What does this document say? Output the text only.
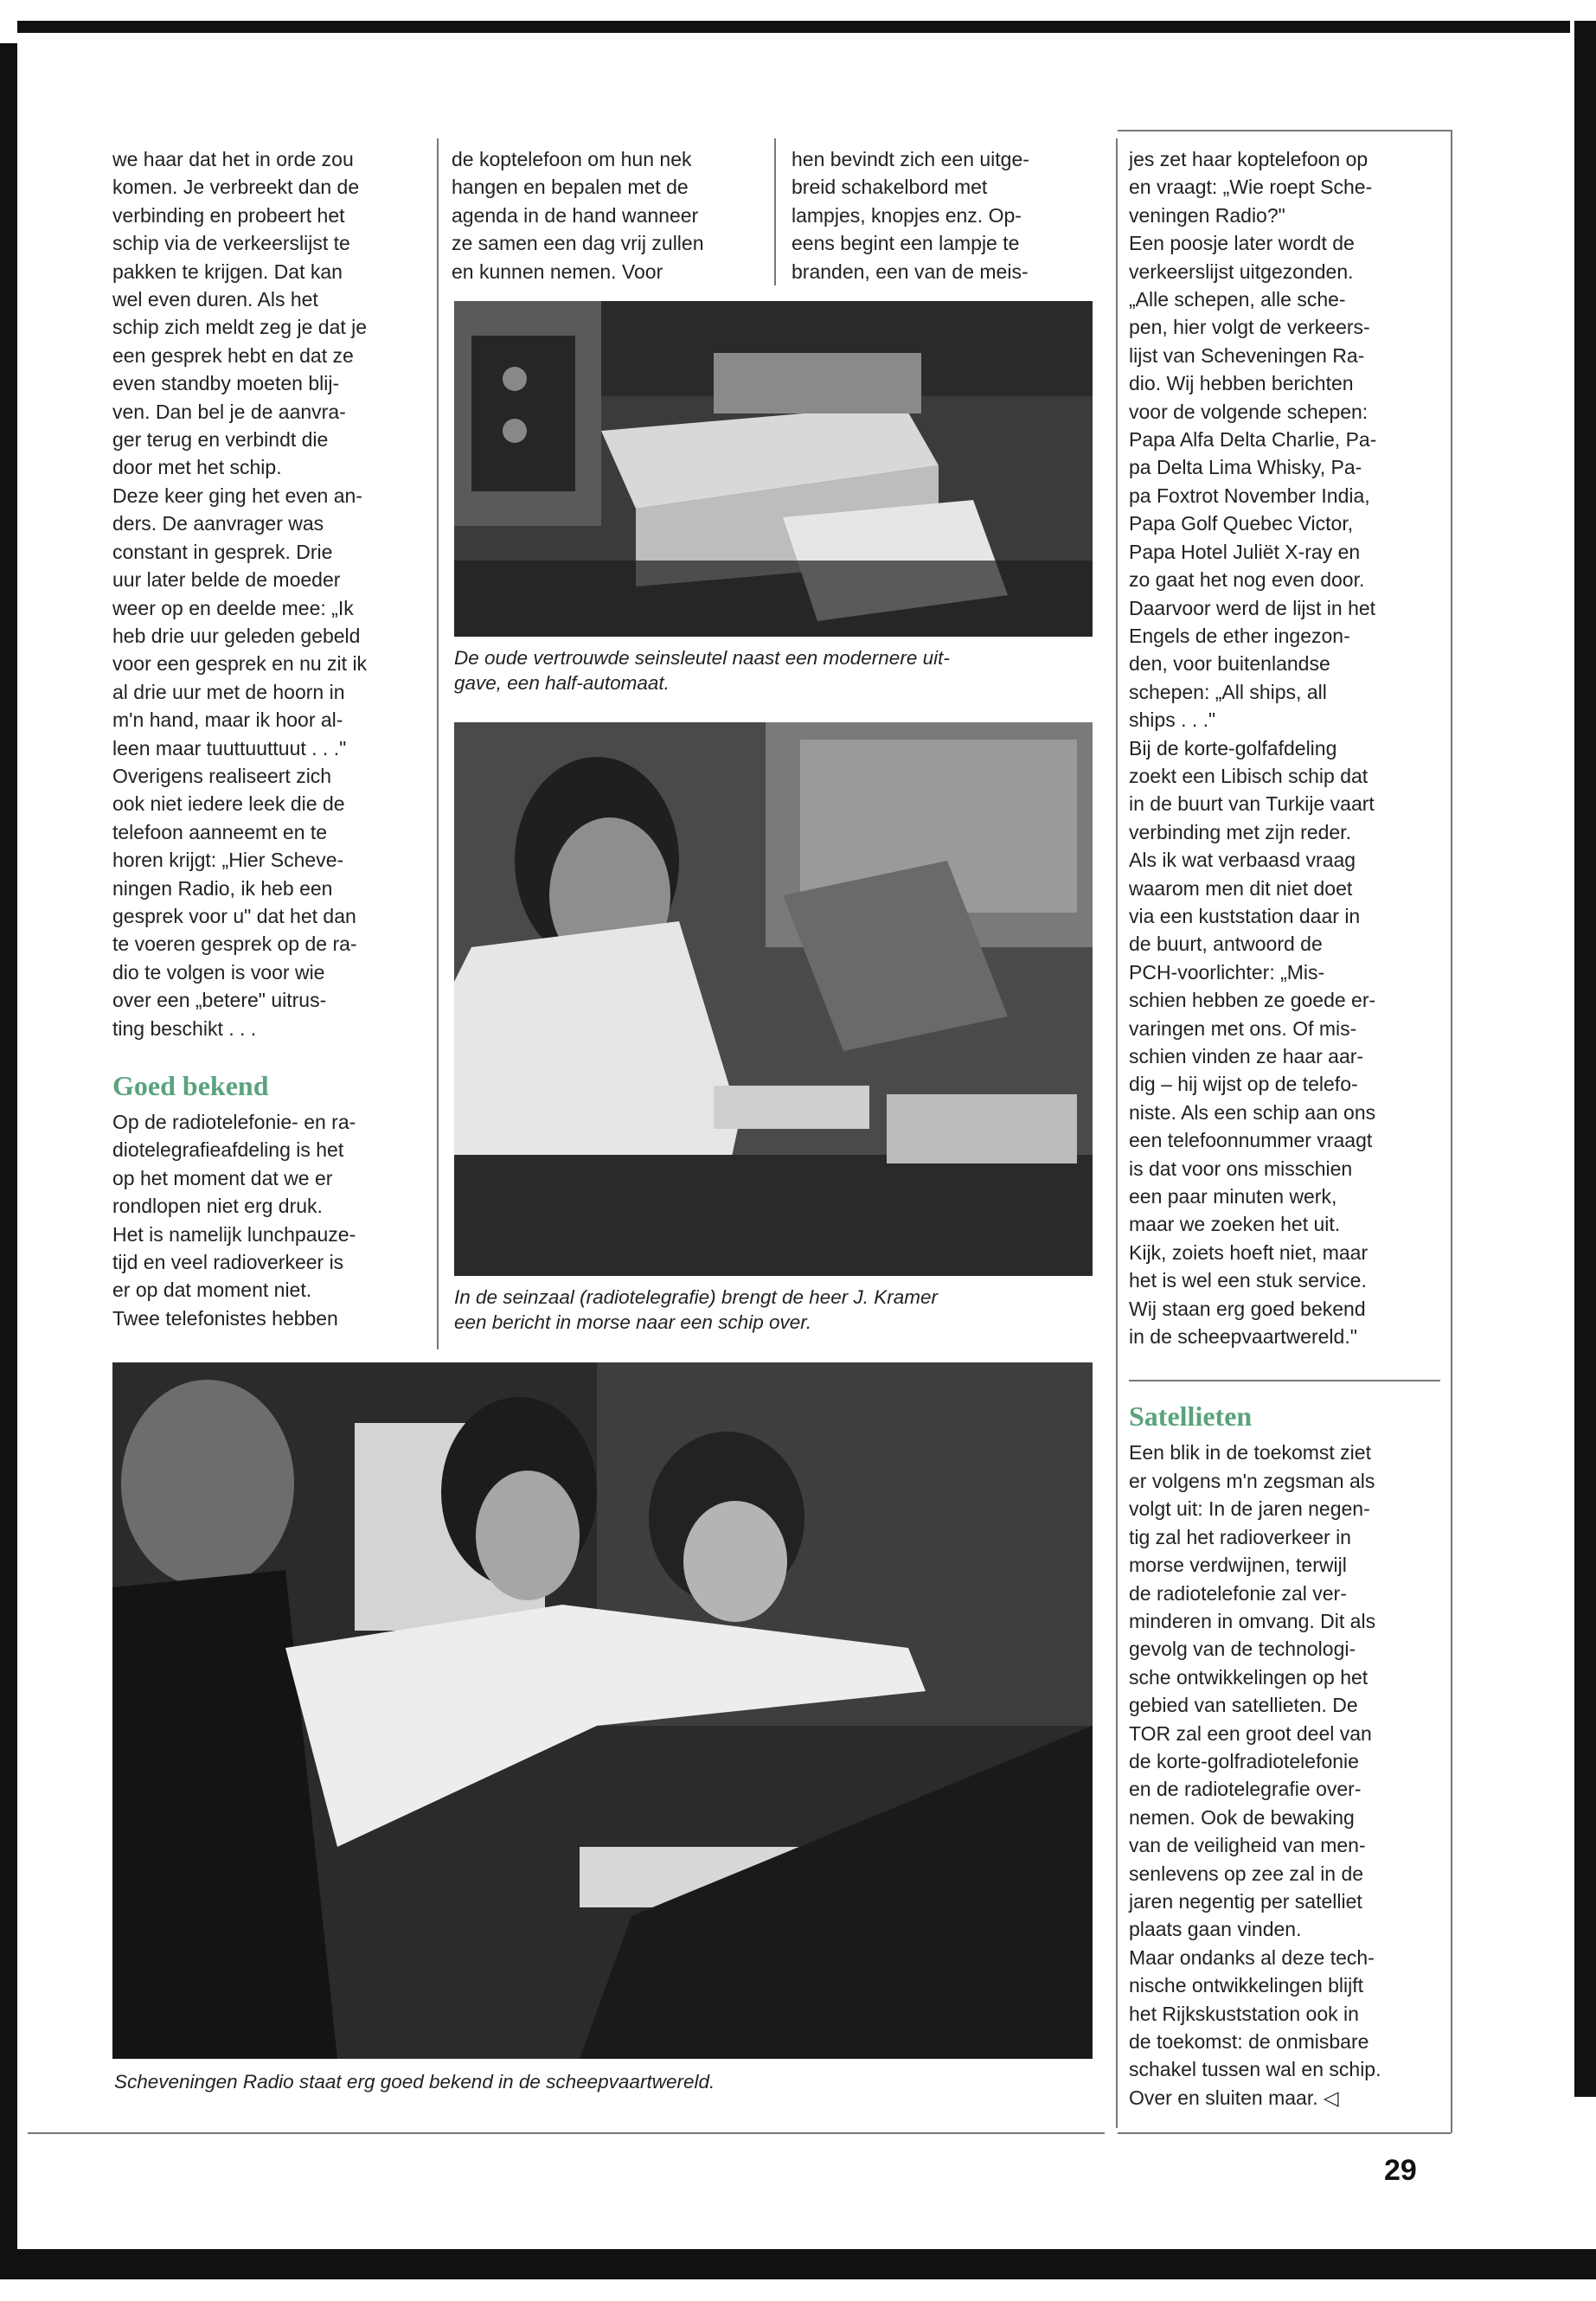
we haar dat het in orde zou
komen. Je verbreekt dan de
verbinding en probeert het
schip via de verkeerslijst te
pakken te krijgen. Dat kan
wel even duren. Als het
schip zich meldt zeg je dat je
een gesprek hebt en dat ze
even standby moeten blij-
ven. Dan bel je de aanvra-
ger terug en verbindt die
door met het schip.
Deze keer ging het even an-
ders. De aanvrager was
constant in gesprek. Drie
uur later belde de moeder
weer op en deelde mee: „Ik
heb drie uur geleden gebeld
voor een gesprek en nu zit ik
al drie uur met de hoorn in
m'n hand, maar ik hoor al-
leen maar tuuttuuttuut . . ."
Overigens realiseert zich
ook niet iedere leek die de
telefoon aanneemt en te
horen krijgt: „Hier Scheve-
ningen Radio, ik heb een
gesprek voor u" dat het dan
te voeren gesprek op de ra-
dio te volgen is voor wie
over een „betere" uitrus-
ting beschikt . . .

Goed bekend

Op de radiotelefonie- en ra-
diotelegrafieafdeling is het
op het moment dat we er
rondlopen niet erg druk.
Het is namelijk lunchpauze-
tijd en veel radioverkeer is
er op dat moment niet.
Twee telefonistes hebben

de koptelefoon om hun nek
hangen en bepalen met de
agenda in de hand wanneer
ze samen een dag vrij zullen
en kunnen nemen. Voor

hen bevindt zich een uitge-
breid schakelbord met
lampjes, knopjes enz. Op-
eens begint een lampje te
branden, een van de meis-

De oude vertrouwde seinsleutel naast een modernere uit-
gave, een half-automaat.

In de seinzaal (radiotelegrafie) brengt de heer J. Kramer
een bericht in morse naar een schip over.

Scheveningen Radio staat erg goed bekend in de scheepvaartwereld.

jes zet haar koptelefoon op
en vraagt: „Wie roept Sche-
veningen Radio?"
Een poosje later wordt de
verkeerslijst uitgezonden.
„Alle schepen, alle sche-
pen, hier volgt de verkeers-
lijst van Scheveningen Ra-
dio. Wij hebben berichten
voor de volgende schepen:
Papa Alfa Delta Charlie, Pa-
pa Delta Lima Whisky, Pa-
pa Foxtrot November India,
Papa Golf Quebec Victor,
Papa Hotel Juliët X-ray en
zo gaat het nog even door.
Daarvoor werd de lijst in het
Engels de ether ingezon-
den, voor buitenlandse
schepen: „All ships, all
ships . . ."
Bij de korte-golfafdeling
zoekt een Libisch schip dat
in de buurt van Turkije vaart
verbinding met zijn reder.
Als ik wat verbaasd vraag
waarom men dit niet doet
via een kuststation daar in
de buurt, antwoord de
PCH-voorlichter: „Mis-
schien hebben ze goede er-
varingen met ons. Of mis-
schien vinden ze haar aar-
dig – hij wijst op de telefo-
niste. Als een schip aan ons
een telefoonnummer vraagt
is dat voor ons misschien
een paar minuten werk,
maar we zoeken het uit.
Kijk, zoiets hoeft niet, maar
het is wel een stuk service.
Wij staan erg goed bekend
in de scheepvaartwereld."

Satellieten

Een blik in de toekomst ziet
er volgens m'n zegsman als
volgt uit: In de jaren negen-
tig zal het radioverkeer in
morse verdwijnen, terwijl
de radiotelefonie zal ver-
minderen in omvang. Dit als
gevolg van de technologi-
sche ontwikkelingen op het
gebied van satellieten. De
TOR zal een groot deel van
de korte-golfradiotelefonie
en de radiotelegrafie over-
nemen. Ook de bewaking
van de veiligheid van men-
senlevens op zee zal in de
jaren negentig per satelliet
plaats gaan vinden.
Maar ondanks al deze tech-
nische ontwikkelingen blijft
het Rijkskuststation ook in
de toekomst: de onmisbare
schakel tussen wal en schip.
Over en sluiten maar. ◁

29
